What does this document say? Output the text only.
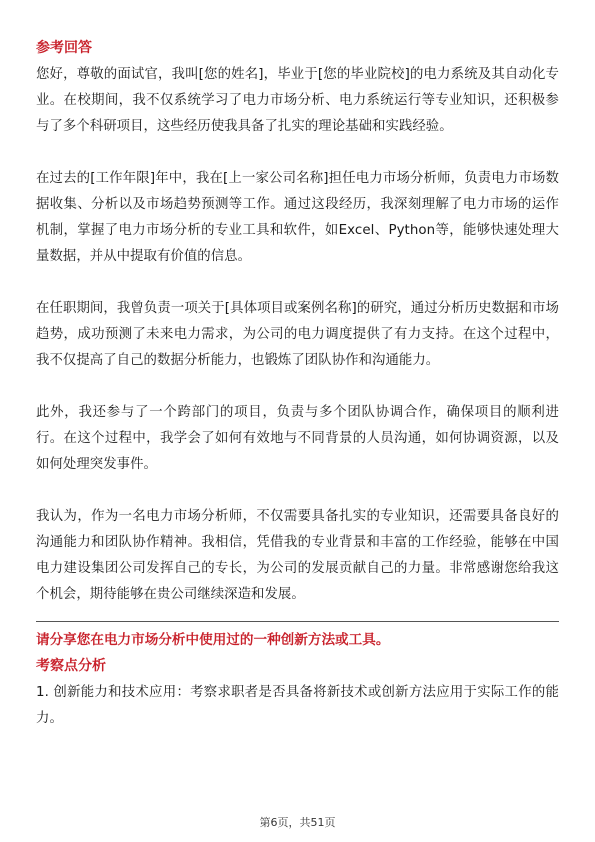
参考回答

您好，尊敬的面试官，我叫[您的姓名]，毕业于[您的毕业院校]的电力系统及其自动化专业。在校期间，我不仅系统学习了电力市场分析、电力系统运行等专业知识，还积极参与了多个科研项目，这些经历使我具备了扎实的理论基础和实践经验。

在过去的[工作年限]年中，我在[上一家公司名称]担任电力市场分析师，负责电力市场数据收集、分析以及市场趋势预测等工作。通过这段经历，我深刻理解了电力市场的运作机制，掌握了电力市场分析的专业工具和软件，如Excel、Python等，能够快速处理大量数据，并从中提取有价值的信息。

在任职期间，我曾负责一项关于[具体项目或案例名称]的研究，通过分析历史数据和市场趋势，成功预测了未来电力需求，为公司的电力调度提供了有力支持。在这个过程中，我不仅提高了自己的数据分析能力，也锻炼了团队协作和沟通能力。

此外，我还参与了一个跨部门的项目，负责与多个团队协调合作，确保项目的顺利进行。在这个过程中，我学会了如何有效地与不同背景的人员沟通，如何协调资源，以及如何处理突发事件。

我认为，作为一名电力市场分析师，不仅需要具备扎实的专业知识，还需要具备良好的沟通能力和团队协作精神。我相信，凭借我的专业背景和丰富的工作经验，能够在中国电力建设集团公司发挥自己的专长，为公司的发展贡献自己的力量。非常感谢您给我这个机会，期待能够在贵公司继续深造和发展。

请分享您在电力市场分析中使用过的一种创新方法或工具。
考察点分析

1. 创新能力和技术应用：考察求职者是否具备将新技术或创新方法应用于实际工作的能力。

第6页，共51页
